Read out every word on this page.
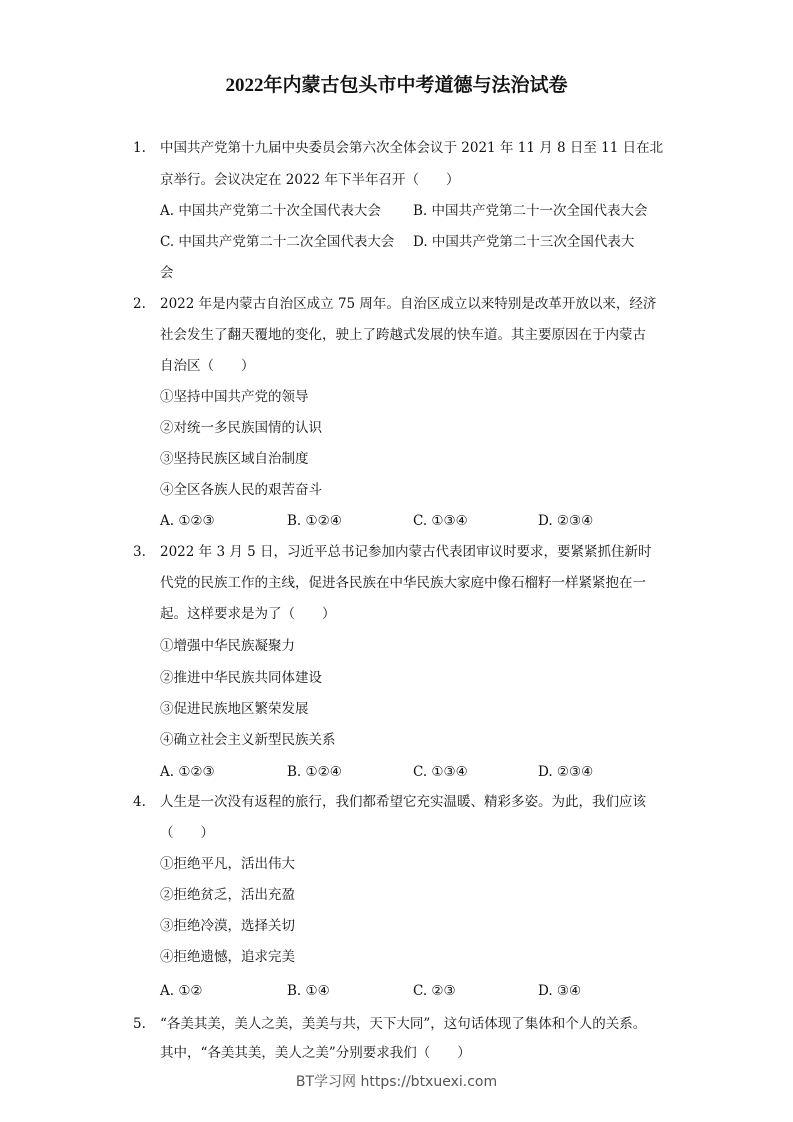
2022年内蒙古包头市中考道德与法治试卷
1. 中国共产党第十九届中央委员会第六次全体会议于 2021 年 11 月 8 日至 11 日在北
京举行。会议决定在 2022 年下半年召开（　　）
A. 中国共产党第二十次全国代表大会 B. 中国共产党第二十一次全国代表大会
C. 中国共产党第二十二次全国代表大会 D. 中国共产党第二十三次全国代表大
会
2. 2022 年是内蒙古自治区成立 75 周年。自治区成立以来特别是改革开放以来，经济
社会发生了翻天覆地的变化，驶上了跨越式发展的快车道。其主要原因在于内蒙古
自治区（　　）
①坚持中国共产党的领导
②对统一多民族国情的认识
③坚持民族区域自治制度
④全区各族人民的艰苦奋斗
A. ①②③	B. ①②④	C. ①③④	D. ②③④
3. 2022 年 3 月 5 日，习近平总书记参加内蒙古代表团审议时要求，要紧紧抓住新时
代党的民族工作的主线，促进各民族在中华民族大家庭中像石榴籽一样紧紧抱在一
起。这样要求是为了（　　）
①增强中华民族凝聚力
②推进中华民族共同体建设
③促进民族地区繁荣发展
④确立社会主义新型民族关系
A. ①②③	B. ①②④	C. ①③④	D. ②③④
4. 人生是一次没有返程的旅行，我们都希望它充实温暖、精彩多姿。为此，我们应该
（　　）
①拒绝平凡，活出伟大
②拒绝贫乏，活出充盈
③拒绝冷漠，选择关切
④拒绝遗憾，追求完美
A. ①②	B. ①④	C. ②③	D. ③④
5. “各美其美，美人之美，美美与共，天下大同”，这句话体现了集体和个人的关系。
其中，“各美其美，美人之美”分别要求我们（　　）
BT学习网 https://btxuexi.com
